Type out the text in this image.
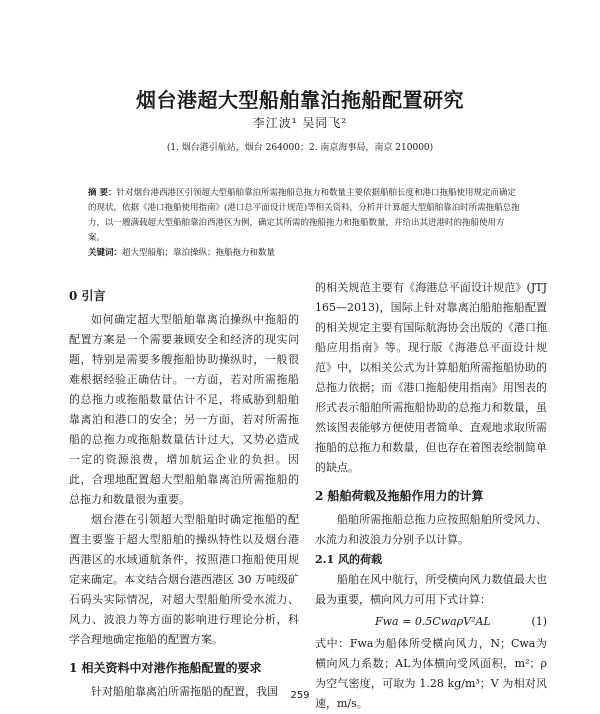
烟台港超大型船舶靠泊拖船配置研究
李江波¹ 吴同飞²
(1. 烟台港引航站，烟台 264000；2. 南京海事局，南京 210000)
摘 要：针对烟台港西港区引领超大型船舶靠泊所需拖船总拖力和数量主要依据船舶长度和港口拖船使用规定而确定的现状，依据《港口拖船使用指南》(港口总平面设计规范)等相关资料，分析并计算超大型船舶靠泊时所需拖船总拖力，以一艘满载超大型船舶靠泊西港区为例，确定其所需的拖船拖力和拖船数量，并给出其进港时的拖船使用方案。
关键词：超大型船舶；靠泊操纵；拖船拖力和数量
0 引言

如何确定超大型船舶靠离泊操纵中拖船的配置方案是一个需要兼顾安全和经济的现实问题，特别是需要多艘拖船协助操纵时，一般很难根据经验正确估计。一方面，若对所需拖船的总拖力或拖船数量估计不足，将威胁到船舶靠离泊和港口的安全；另一方面，若对所需拖船的总拖力或拖船数量估计过大，又势必造成一定的资源浪费，增加航运企业的负担。因此，合理地配置超大型船舶靠离泊所需拖船的总拖力和数量很为重要。

烟台港在引领超大型船舶时确定拖船的配置主要鉴于超大型船舶的操纵特性以及烟台港西港区的水域通航条件，按照港口拖船使用规定来确定。本文结合烟台港西港区 30 万吨级矿石码头实际情况，对超大型船舶所受水流力、风力、波浪力等方面的影响进行理论分析，科学合理地确定拖船的配置方案。

1 相关资料中对港作拖船配置的要求

针对船舶靠离泊所需拖船的配置，我国

的相关规范主要有《海港总平面设计规范》(JTJ 165—2013)，国际上针对靠离泊船舶拖船配置的相关规定主要有国际航海协会出版的《港口拖船应用指南》等。现行版《海港总平面设计规范》中，以相关公式为计算船舶所需拖船协助的总拖力依据；而《港口拖船使用指南》用图表的形式表示船舶所需拖船协助的总拖力和数量，虽然该图表能够方便使用者简单、直观地求取所需拖船的总拖力和数量，但也存在着图表绘制简单的缺点。

2 船舶荷载及拖船作用力的计算

船舶所需拖船总拖力应按照船舶所受风力、水流力和波浪力分别予以计算。

2.1 风的荷载

船舶在风中航行，所受横向风力数值最大也最为重要，横向风力可用下式计算：

Fwa = 0.5CwaρV²AL	(1)

式中：Fwa为船体所受横向风力，N；Cwa为横向风力系数；AL为体横向受风面积，m²；ρ为空气密度，可取为 1.28 kg/m³；V 为相对风速，m/s。

259
